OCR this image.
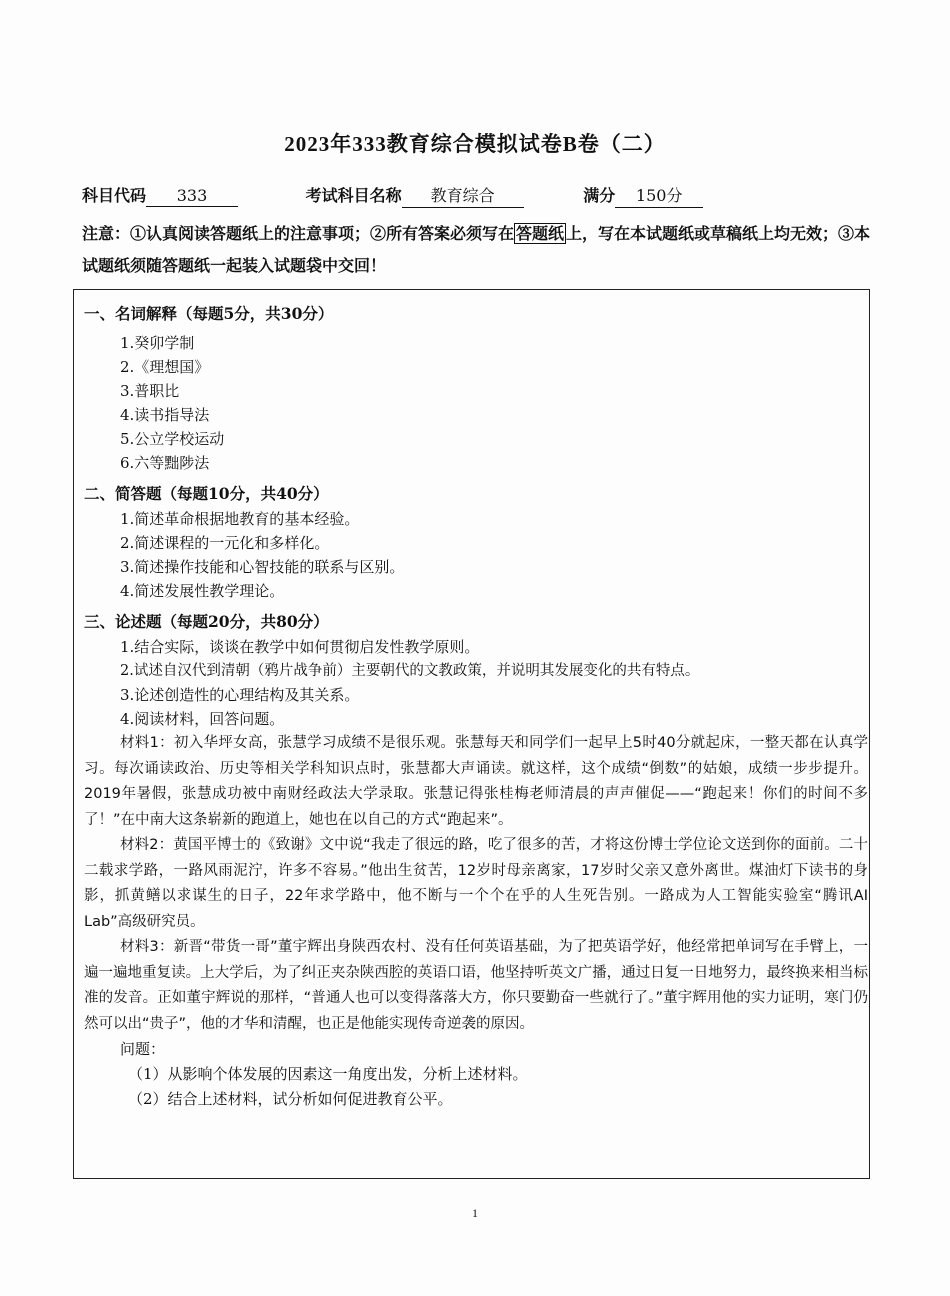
2023年333教育综合模拟试卷B卷（二）
科目代码 333	考试科目名称 教育综合	满分 150分
注意：①认真阅读答题纸上的注意事项；②所有答案必须写在 答题纸 上，写在本试题纸或草稿纸上均无效；③本试题纸须随答题纸一起装入试题袋中交回！
一、名词解释（每题5分，共30分）
1.癸卯学制
2.《理想国》
3.普职比
4.读书指导法
5.公立学校运动
6.六等黜陟法
二、简答题（每题10分，共40分）
1.简述革命根据地教育的基本经验。
2.简述课程的一元化和多样化。
3.简述操作技能和心智技能的联系与区别。
4.简述发展性教学理论。
三、论述题（每题20分，共80分）
1.结合实际，谈谈在教学中如何贯彻启发性教学原则。
2.试述自汉代到清朝（鸦片战争前）主要朝代的文教政策，并说明其发展变化的共有特点。
3.论述创造性的心理结构及其关系。
4.阅读材料，回答问题。
材料1：初入华坪女高，张慧学习成绩不是很乐观。张慧每天和同学们一起早上5时40分就起床，一整天都在认真学习。每次诵读政治、历史等相关学科知识点时，张慧都大声诵读。就这样，这个成绩“倒数”的姑娘，成绩一步步提升。2019年暑假，张慧成功被中南财经政法大学录取。张慧记得张桂梅老师清晨的声声催促——“跑起来！你们的时间不多了！”在中南大这条崭新的跑道上，她也在以自己的方式“跑起来”。
材料2：黄国平博士的《致谢》文中说“我走了很远的路，吃了很多的苦，才将这份博士学位论文送到你的面前。二十二载求学路，一路风雨泥泞，许多不容易。”他出生贫苦，12岁时母亲离家，17岁时父亲又意外离世。煤油灯下读书的身影，抓黄鳝以求谋生的日子，22年求学路中，他不断与一个个在乎的人生死告别。一路成为人工智能实验室“腾讯AI Lab”高级研究员。
材料3：新晋“带货一哥”董宇辉出身陕西农村、没有任何英语基础，为了把英语学好，他经常把单词写在手臂上，一遍一遍地重复读。上大学后，为了纠正夹杂陕西腔的英语口语，他坚持听英文广播，通过日复一日地努力，最终换来相当标准的发音。正如董宇辉说的那样，“普通人也可以变得落落大方，你只要勤奋一些就行了。”董宇辉用他的实力证明，寒门仍然可以出“贵子”，他的才华和清醒，也正是他能实现传奇逆袭的原因。
问题：
（1）从影响个体发展的因素这一角度出发，分析上述材料。
（2）结合上述材料，试分析如何促进教育公平。
1
